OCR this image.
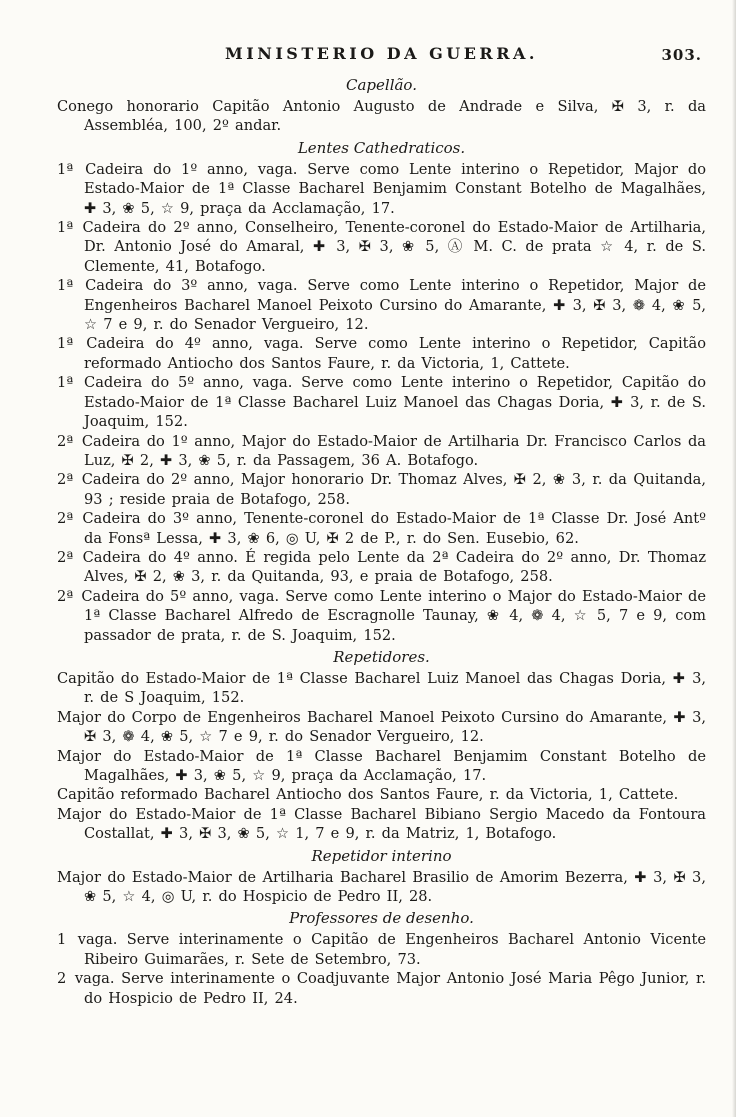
MINISTERIO DA GUERRA.	303.
Capellão.

Conego honorario Capitão Antonio Augusto de Andrade e Silva, ✠ 3, r. da Assembléa, 100, 2º andar.

Lentes Cathedraticos.

1ª Cadeira do 1º anno, vaga. Serve como Lente interino o Repetidor, Major do Estado-Maior de 1ª Classe Bacharel Benjamim Constant Botelho de Magalhães, ✚ 3, ❀ 5, ☆ 9, praça da Acclamação, 17.

1ª Cadeira do 2º anno, Conselheiro, Tenente-coronel do Estado-Maior de Artilharia, Dr. Antonio José do Amaral, ✚ 3, ✠ 3, ❀ 5, Ⓐ M. C. de prata ☆ 4, r. de S. Clemente, 41, Botafogo.

1ª Cadeira do 3º anno, vaga. Serve como Lente interino o Repetidor, Major de Engenheiros Bacharel Manoel Peixoto Cursino do Amarante, ✚ 3, ✠ 3, ❁ 4, ❀ 5, ☆ 7 e 9, r. do Senador Vergueiro, 12.

1ª Cadeira do 4º anno, vaga. Serve como Lente interino o Repetidor, Capitão reformado Antiocho dos Santos Faure, r. da Victoria, 1, Cattete.

1ª Cadeira do 5º anno, vaga. Serve como Lente interino o Repetidor, Capitão do Estado-Maior de 1ª Classe Bacharel Luiz Manoel das Chagas Doria, ✚ 3, r. de S. Joaquim, 152.

2ª Cadeira do 1º anno, Major do Estado-Maior de Artilharia Dr. Francisco Carlos da Luz, ✠ 2, ✚ 3, ❀ 5, r. da Passagem, 36 A. Botafogo.

2ª Cadeira do 2º anno, Major honorario Dr. Thomaz Alves, ✠ 2, ❀ 3, r. da Quitanda, 93 ; reside praia de Botafogo, 258.

2ª Cadeira do 3º anno, Tenente-coronel do Estado-Maior de 1ª Classe Dr. José Antº da Fonsª Lessa, ✚ 3, ❀ 6, ◎ U, ✠ 2 de P., r. do Sen. Eusebio, 62.

2ª Cadeira do 4º anno. É regida pelo Lente da 2ª Cadeira do 2º anno, Dr. Thomaz Alves, ✠ 2, ❀ 3, r. da Quitanda, 93, e praia de Botafogo, 258.

2ª Cadeira do 5º anno, vaga. Serve como Lente interino o Major do Estado-Maior de 1ª Classe Bacharel Alfredo de Escragnolle Taunay, ❀ 4, ❁ 4, ☆ 5, 7 e 9, com passador de prata, r. de S. Joaquim, 152.

Repetidores.

Capitão do Estado-Maior de 1ª Classe Bacharel Luiz Manoel das Chagas Doria, ✚ 3, r. de S Joaquim, 152.

Major do Corpo de Engenheiros Bacharel Manoel Peixoto Cursino do Amarante, ✚ 3, ✠ 3, ❁ 4, ❀ 5, ☆ 7 e 9, r. do Senador Vergueiro, 12.

Major do Estado-Maior de 1ª Classe Bacharel Benjamim Constant Botelho de Magalhães, ✚ 3, ❀ 5, ☆ 9, praça da Acclamação, 17.

Capitão reformado Bacharel Antiocho dos Santos Faure, r. da Victoria, 1, Cattete.

Major do Estado-Maior de 1ª Classe Bacharel Bibiano Sergio Macedo da Fontoura Costallat, ✚ 3, ✠ 3, ❀ 5, ☆ 1, 7 e 9, r. da Matriz, 1, Botafogo.

Repetidor interino

Major do Estado-Maior de Artilharia Bacharel Brasilio de Amorim Bezerra, ✚ 3, ✠ 3, ❀ 5, ☆ 4, ◎ U, r. do Hospicio de Pedro II, 28.

Professores de desenho.

1 vaga. Serve interinamente o Capitão de Engenheiros Bacharel Antonio Vicente Ribeiro Guimarães, r. Sete de Setembro, 73.

2 vaga. Serve interinamente o Coadjuvante Major Antonio José Maria Pêgo Junior, r. do Hospicio de Pedro II, 24.
